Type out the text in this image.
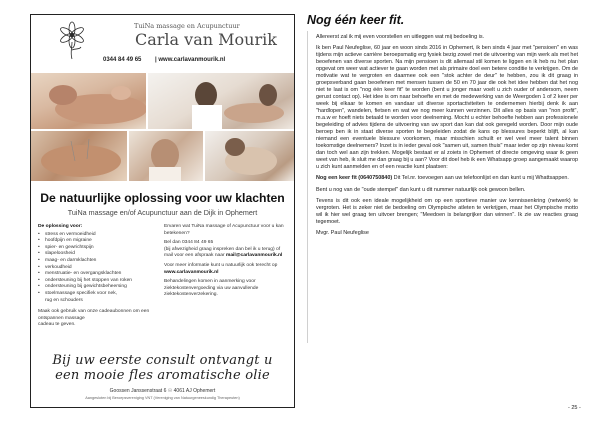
TuiNa massage en Acupunctuur
Carla van Mourik
0344 84 49 65 | www.carlavanmourik.nl
De natuurlijke oplossing voor uw klachten
TuiNa massage en/of Acupunctuur aan de Dijk in Ophemert
De oplossing voor:
• stress en vermoeidheid
• hoofdpijn en migraine
• spier- en gewrichtspijn
• slapeloosheid
• maag- en darmklachten
• verkoudheid
• menstruatie- en overgangsklachten
• ondersteuning bij het stoppen van roken
• ondersteuning bij gewichtsbeheersing
• stoelmassage specifiek voor nek,
rug en schouders
Maak ook gebruik van onze cadeaubonnen om een ontspannen massage
cadeau te geven.
Ervaren wat TuiNa massage of Acupunctuur voor u kan betekenen?
Bel dan 0344 84 49 65
(bij afwezigheid graag inspreken dan bel ik u terug) of mail voor een afspraak naar mail@carlavanmourik.nl
Voor meer informatie kunt u natuurlijk ook terecht op www.carlavanmourik.nl
Behandelingen komen in aanmerking voor ziektekostenvergoeding via uw aanvullende ziektekostenverzekering.
Bij uw eerste consult ontvangt u
een mooie fles aromatische olie
Goossen Janssenstraat 6 ☉ 4061 AJ Ophemert
Aangesloten bij Beroepsvereniging VNT (Vereniging van Natuurgeneeskundig Therapeuten)
Nog één keer fit.

Allereerst zal ik mij even voorstellen en uitleggen wat mij bedoeling is.

Ik ben Paul Neufeglise, 60 jaar en woon sinds 2016 in Ophemert, ik ben sinds 4 jaar met "pensioen" en was tijdens mijn actieve carrière beroepsmatig erg fysiek bezig zowel met de uitvoering van mijn werk als met het beoefenen van diverse sporten. Na mijn pensioen is dit allemaal stil komen te liggen en ik heb nu het plan opgevat om weer wat actiever te gaan worden met als primaire doel een betere conditie te verkrijgen. Om de motivatie wat te vergroten en daarmee ook een "stok achter de deur" te hebben, zou ik dit graag in groepsverband gaan beoefenen met mensen tussen de 50 en 70 jaar die ook het idee hebben dat het nog niet te laat is om "nog één keer fit" te worden (bent u jonger maar voelt u zich ouder of andersom, neem gerust contact op). Het idee is om naar behoefte en met de medewerking van de Weergoden 1 of 2 keer per week bij elkaar te komen en vandaar uit diverse sportactiviteiten te ondernemen hierbij denk ik aan "hardlopen", wandelen, fietsen en wat we nog meer kunnen verzinnen. Dit alles op basis van "non profit", m.a.w er hoeft niets betaald te worden voor deelneming. Mocht u echter behoefte hebben aan professionele begeleiding of advies tijdens de uitvoering van uw sport dan kan dat ook geregeld worden. Door mijn oude beroep ben ik in staat diverse sporten te begeleiden zodat de kans op blessures beperkt blijft, al kan niemand een eventuele blessure voorkomen, maar misschien schuilt er wel veel meer talent binnen toekomstige deelnemers? Inzet is in ieder geval ook "samen uit, samen thuis" maar ieder op zijn niveau komt dan toch wel aan zijn trekken. Mogelijk bestaat er al zoiets in Ophemert of directe omgeving waar ik geen weet van heb, ik sluit me dan graag bij u aan? Voor dit doel heb ik een Whatsapp groep aangemaakt waarop u zich kunt aanmelden en of een reactie kunt plaatsen:

Nog een keer fit (0640750840) Dit Tel.nr. toevoegen aan uw telefoonlijst en dan kunt u mij Whattsappen.

Bent u nog van de "oude stempel" dan kunt u dit nummer natuurlijk ook gewoon bellen.

Tevens is dit ook een ideale mogelijkheid om op een sportieve manier uw kennissenkring (netwerk) te vergroten. Het is zeker niet de bedoeling om Olympische atleten te verkrijgen, maar het Olympische motto wil ik hier wel graag ten uitvoer brengen; "Meedoen is belangrijker dan winnen". Ik zie uw reacties graag tegemoet.

Mvgr. Paul Neufeglise

- 25 -
